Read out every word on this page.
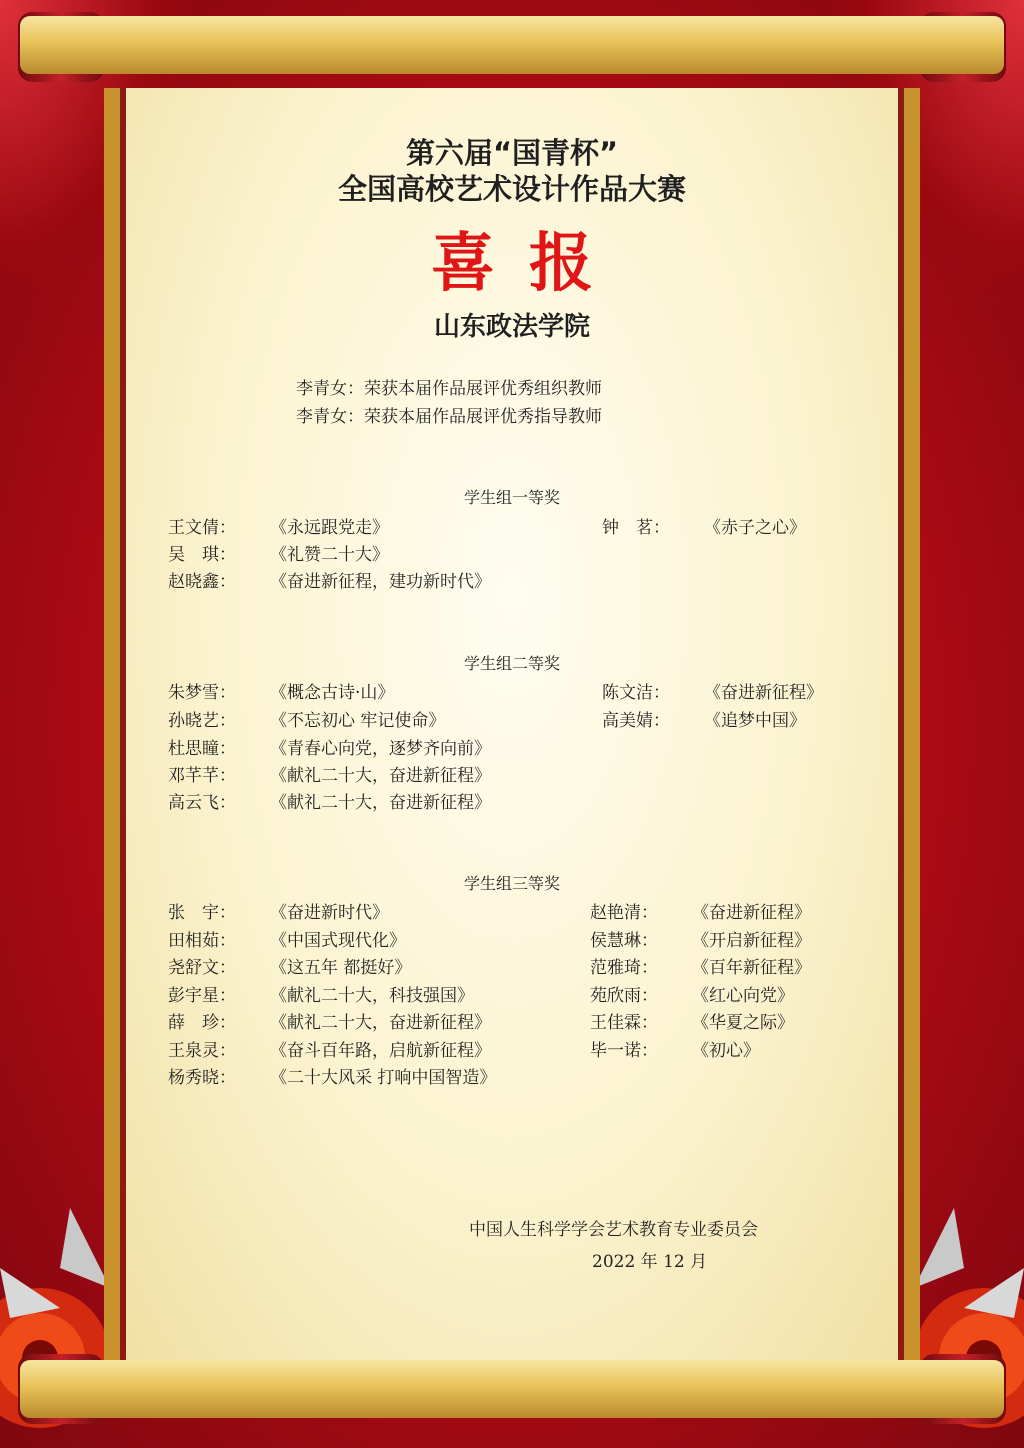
第六届“国青杯”
全国高校艺术设计作品大赛
喜报
山东政法学院
李青女：荣获本届作品展评优秀组织教师
李青女：荣获本届作品展评优秀指导教师
学生组一等奖
王文倩： 《永远跟党走》
吴　琪： 《礼赞二十大》
赵晓鑫： 《奋进新征程，建功新时代》
钟　茗： 《赤子之心》
学生组二等奖
朱梦雪： 《概念古诗·山》
孙晓艺： 《不忘初心 牢记使命》
杜思瞳： 《青春心向党，逐梦齐向前》
邓芊芊： 《献礼二十大，奋进新征程》
高云飞： 《献礼二十大，奋进新征程》
陈文洁： 《奋进新征程》
高美婧： 《追梦中国》
学生组三等奖
张　宇： 《奋进新时代》
田相茹： 《中国式现代化》
尧舒文： 《这五年 都挺好》
彭宇星： 《献礼二十大，科技强国》
薛　珍： 《献礼二十大，奋进新征程》
王泉灵： 《奋斗百年路，启航新征程》
杨秀晓： 《二十大风采 打响中国智造》
赵艳清： 《奋进新征程》
侯慧琳： 《开启新征程》
范雅琦： 《百年新征程》
苑欣雨： 《红心向党》
王佳霖： 《华夏之际》
毕一诺： 《初心》
中国人生科学学会艺术教育专业委员会
2022 年 12 月
